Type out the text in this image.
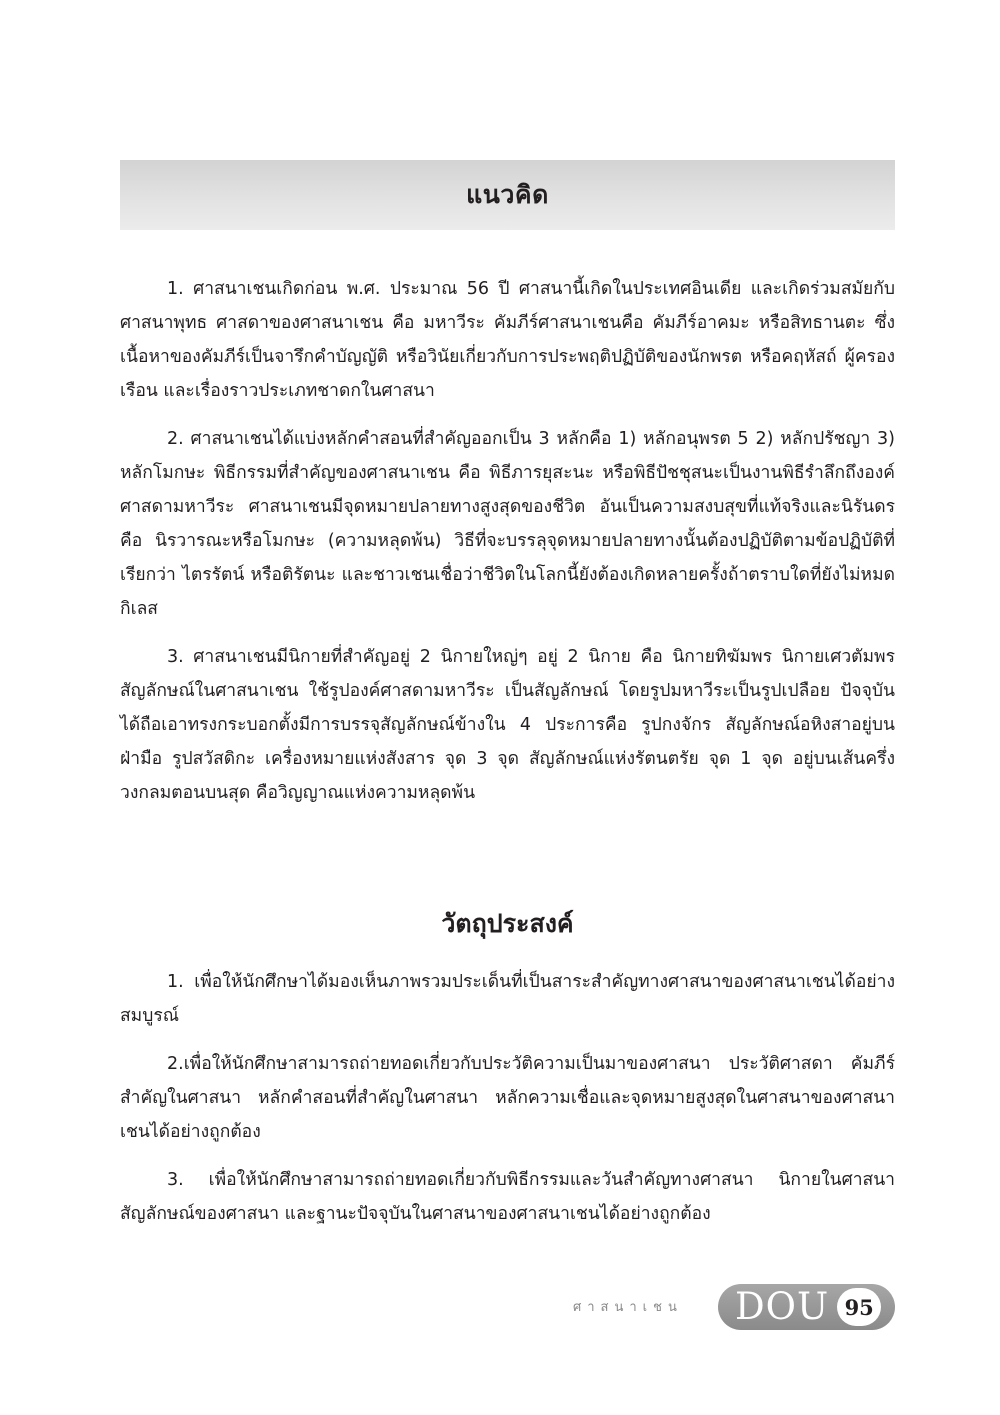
แนวคิด

1. ศาสนาเชนเกิดก่อน พ.ศ. ประมาณ 56 ปี ศาสนานี้เกิดในประเทศอินเดีย และเกิดร่วมสมัยกับศาสนาพุทธ ศาสดาของศาสนาเชน คือ มหาวีระ คัมภีร์ศาสนาเชนคือ คัมภีร์อาคมะ หรือสิทธานตะ ซึ่งเนื้อหาของคัมภีร์เป็นจารึกคำบัญญัติ หรือวินัยเกี่ยวกับการประพฤติปฏิบัติของนักพรต หรือคฤหัสถ์ ผู้ครองเรือน และเรื่องราวประเภทชาดกในศาสนา

2. ศาสนาเชนได้แบ่งหลักคำสอนที่สำคัญออกเป็น 3 หลักคือ 1) หลักอนุพรต 5 2) หลักปรัชญา 3) หลักโมกษะ พิธีกรรมที่สำคัญของศาสนาเชน คือ พิธีภารยุสะนะ หรือพิธีปัชชุสนะเป็นงานพิธีรำลึกถึงองค์ศาสดามหาวีระ ศาสนาเชนมีจุดหมายปลายทางสูงสุดของชีวิต อันเป็นความสงบสุขที่แท้จริงและนิรันดรคือ นิรวารณะหรือโมกษะ (ความหลุดพ้น) วิธีที่จะบรรลุจุดหมายปลายทางนั้นต้องปฏิบัติตามข้อปฏิบัติที่เรียกว่า ไตรรัตน์ หรือติรัตนะ และชาวเชนเชื่อว่าชีวิตในโลกนี้ยังต้องเกิดหลายครั้งถ้าตราบใดที่ยังไม่หมดกิเลส

3. ศาสนาเชนมีนิกายที่สำคัญอยู่ 2 นิกายใหญ่ๆ อยู่ 2 นิกาย คือ นิกายทิฆัมพร นิกายเศวตัมพร สัญลักษณ์ในศาสนาเชน ใช้รูปองค์ศาสดามหาวีระ เป็นสัญลักษณ์ โดยรูปมหาวีระเป็นรูปเปลือย ปัจจุบันได้ถือเอาทรงกระบอกตั้งมีการบรรจุสัญลักษณ์ข้างใน 4 ประการคือ รูปกงจักร สัญลักษณ์อหิงสาอยู่บนฝ่ามือ รูปสวัสดิกะ เครื่องหมายแห่งสังสาร จุด 3 จุด สัญลักษณ์แห่งรัตนตรัย จุด 1 จุด อยู่บนเส้นครึ่งวงกลมตอนบนสุด คือวิญญาณแห่งความหลุดพ้น

วัตถุประสงค์

1. เพื่อให้นักศึกษาได้มองเห็นภาพรวมประเด็นที่เป็นสาระสำคัญทางศาสนาของศาสนาเชนได้อย่างสมบูรณ์

2.เพื่อให้นักศึกษาสามารถถ่ายทอดเกี่ยวกับประวัติความเป็นมาของศาสนา ประวัติศาสดา คัมภีร์สำคัญในศาสนา หลักคำสอนที่สำคัญในศาสนา หลักความเชื่อและจุดหมายสูงสุดในศาสนาของศาสนาเชนได้อย่างถูกต้อง

3. เพื่อให้นักศึกษาสามารถถ่ายทอดเกี่ยวกับพิธีกรรมและวันสำคัญทางศาสนา นิกายในศาสนา สัญลักษณ์ของศาสนา และฐานะปัจจุบันในศาสนาของศาสนาเชนได้อย่างถูกต้อง

ศาสนาเชน DOU 95
